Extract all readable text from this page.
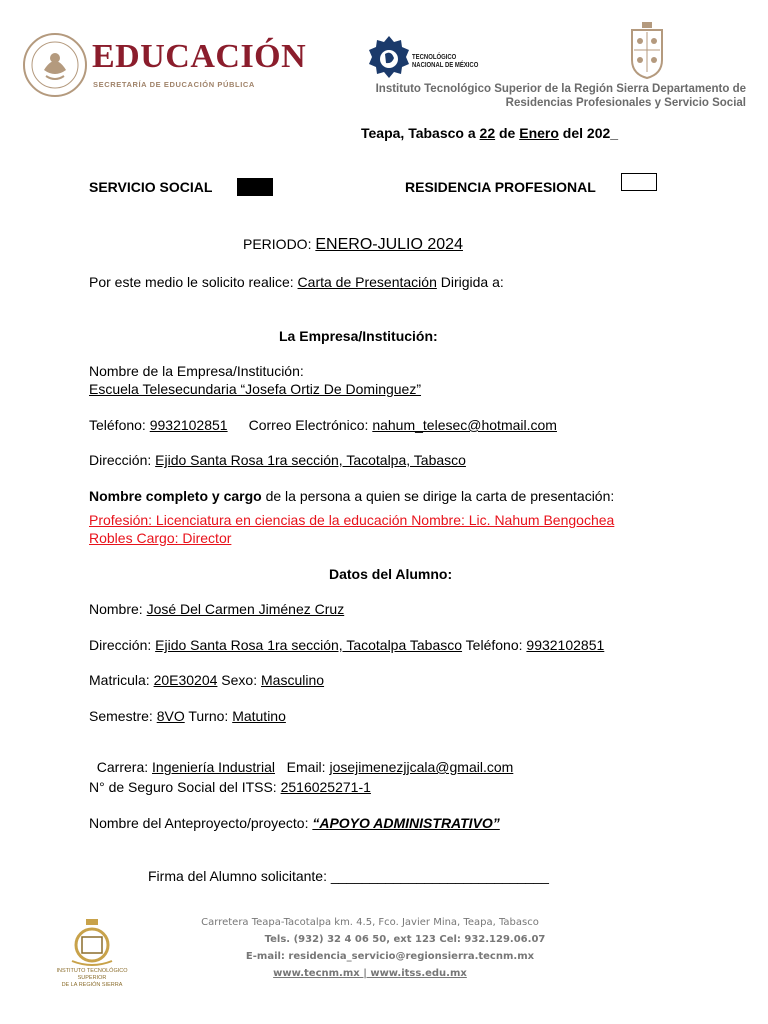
EDUCACIÓN
SECRETARÍA DE EDUCACIÓN PÚBLICA
TECNOLÓGICO
NACIONAL DE MÉXICO
Instituto Tecnológico Superior de la Región Sierra Departamento de
Residencias Profesionales y Servicio Social
Teapa, Tabasco a 22 de Enero del 202_
SERVICIO SOCIAL	RESIDENCIA PROFESIONAL
PERIODO: ENERO-JULIO 2024
Por este medio le solicito realice: Carta de Presentación Dirigida a:
La Empresa/Institución:
Nombre de la Empresa/Institución:
Escuela Telesecundaria “Josefa Ortiz De Dominguez”
Teléfono: 9932102851 Correo Electrónico: nahum_telesec@hotmail.com
Dirección: Ejido Santa Rosa 1ra sección, Tacotalpa, Tabasco
Nombre completo y cargo de la persona a quien se dirige la carta de presentación:
Profesión: Licenciatura en ciencias de la educación Nombre: Lic. Nahum Bengochea
Robles Cargo: Director
Datos del Alumno:
Nombre: José Del Carmen Jiménez Cruz
Dirección: Ejido Santa Rosa 1ra sección, Tacotalpa Tabasco Teléfono: 9932102851
Matricula: 20E30204 Sexo: Masculino
Semestre: 8VO Turno: Matutino

Carrera: Ingeniería Industrial   Email: josejimenezjjcala@gmail.com

N° de Seguro Social del ITSS: 2516025271-1
Nombre del Anteproyecto/proyecto: “APOYO ADMINISTRATIVO”
Firma del Alumno solicitante: ____________________________
INSTITUTO TECNOLÓGICO SUPERIOR
DE LA REGIÓN SIERRA
Carretera Teapa-Tacotalpa km. 4.5, Fco. Javier Mina, Teapa, Tabasco
Tels. (932) 32 4 06 50, ext 123 Cel: 932.129.06.07
E-mail: residencia_servicio@regionsierra.tecnm.mx
www.tecnm.mx | www.itss.edu.mx
